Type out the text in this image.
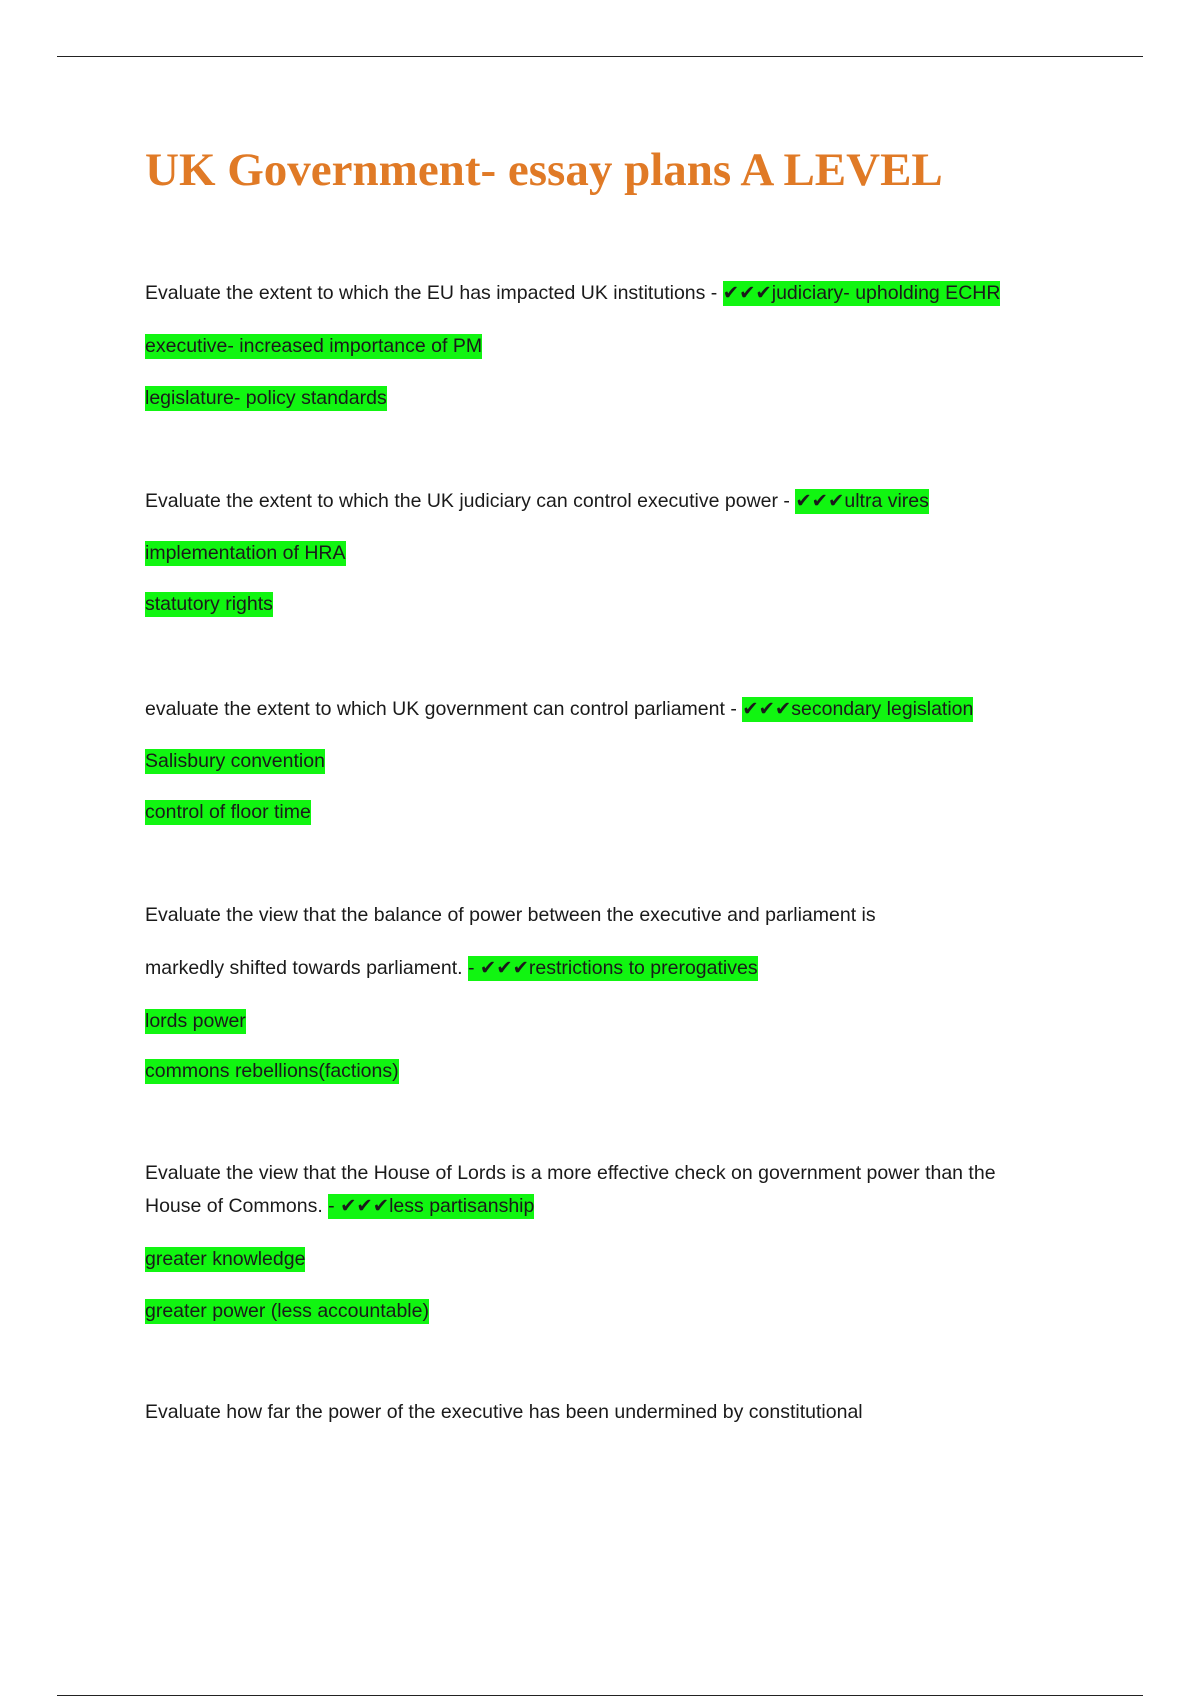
UK Government- essay plans A LEVEL
Evaluate the extent to which the EU has impacted UK institutions - ✔✔✔judiciary- upholding ECHR
executive- increased importance of PM
legislature- policy standards
Evaluate the extent to which the UK judiciary can control executive power - ✔✔✔ultra vires
implementation of HRA
statutory rights
evaluate the extent to which UK government can control parliament - ✔✔✔secondary legislation
Salisbury convention
control of floor time
Evaluate the view that the balance of power between the executive and parliament is
markedly shifted towards parliament. - ✔✔✔restrictions to prerogatives
lords power
commons rebellions(factions)
Evaluate the view that the House of Lords is a more effective check on government power than the
House of Commons. - ✔✔✔less partisanship
greater knowledge
greater power (less accountable)
Evaluate how far the power of the executive has been undermined by constitutional
